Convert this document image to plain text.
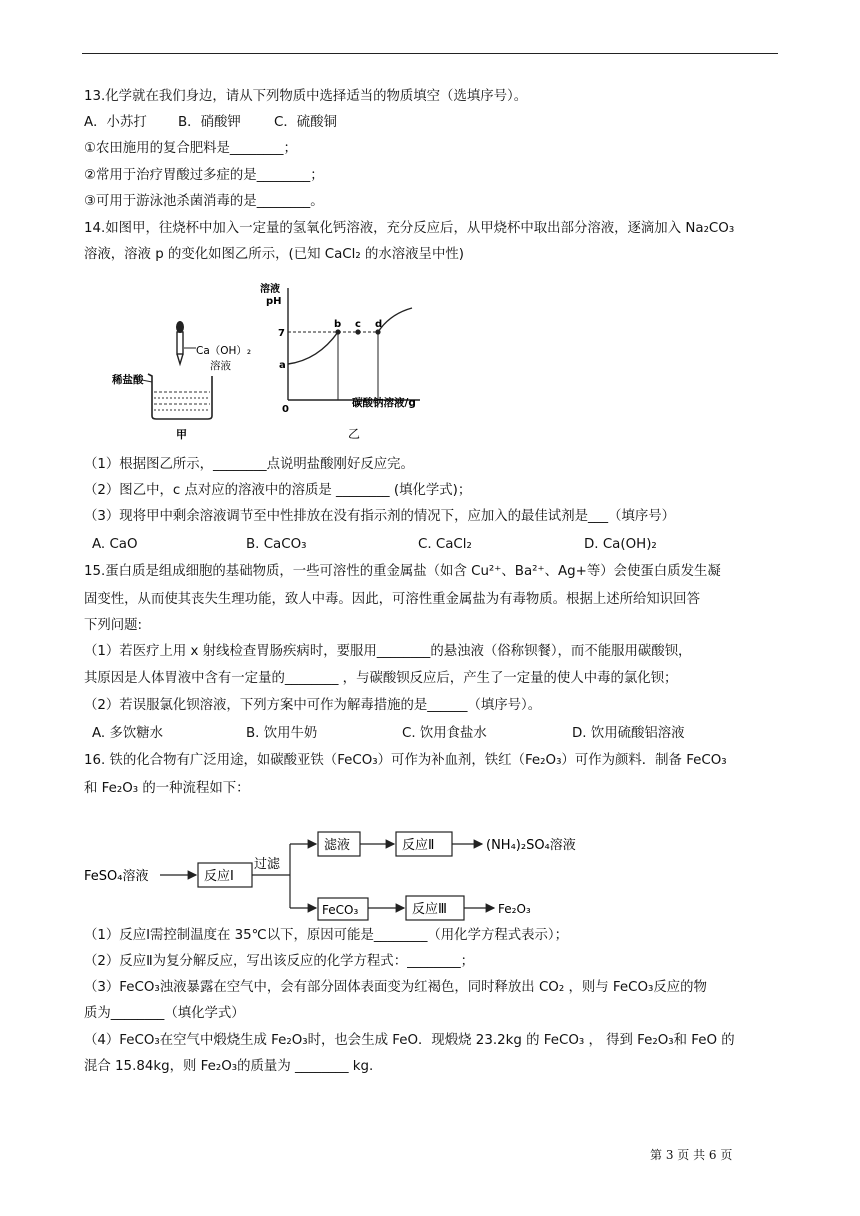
13.化学就在我们身边，请从下列物质中选择适当的物质填空（选填序号）。
A．小苏打 B．硝酸钾 C．硫酸铜
①农田施用的复合肥料是________；
②常用于治疗胃酸过多症的是________；
③可用于游泳池杀菌消毒的是________。
14.如图甲，往烧杯中加入一定量的氢氧化钙溶液，充分反应后，从甲烧杯中取出部分溶液，逐滴加入 Na₂CO₃
溶液，溶液 p 的变化如图乙所示，(已知 CaCl₂ 的水溶液呈中性)
Ca（OH）₂
溶液
稀盐酸
甲
溶液
pH
7
a
0
b c d
碳酸钠溶液/g
乙
（1）根据图乙所示，________点说明盐酸刚好反应完。
（2）图乙中，c 点对应的溶液中的溶质是 ________ (填化学式)；
（3）现将甲中剩余溶液调节至中性排放在没有指示剂的情况下，应加入的最佳试剂是___（填序号）
A. CaO	B. CaCO₃	C. CaCl₂	D. Ca(OH)₂
15.蛋白质是组成细胞的基础物质，一些可溶性的重金属盐（如含 Cu²⁺、Ba²⁺、Ag+等）会使蛋白质发生凝
固变性，从而使其丧失生理功能，致人中毒。因此，可溶性重金属盐为有毒物质。根据上述所给知识回答
下列问题:
（1）若医疗上用 x 射线检查胃肠疾病时，要服用________的悬浊液（俗称钡餐），而不能服用碳酸钡，
其原因是人体胃液中含有一定量的________ ，与碳酸钡反应后，产生了一定量的使人中毒的氯化钡；
（2）若误服氯化钡溶液，下列方案中可作为解毒措施的是______（填序号）。
A. 多饮糖水	B. 饮用牛奶	C. 饮用食盐水	D. 饮用硫酸铝溶液
16. 铁的化合物有广泛用途，如碳酸亚铁（FeCO₃）可作为补血剂，铁红（Fe₂O₃）可作为颜料．制备 FeCO₃
和 Fe₂O₃ 的一种流程如下：
FeSO₄溶液	反应Ⅰ
过滤
滤液	反应Ⅱ	(NH₄)₂SO₄溶液
FeCO₃	反应Ⅲ	Fe₂O₃
（1）反应Ⅰ需控制温度在 35℃以下，原因可能是________（用化学方程式表示）；
（2）反应Ⅱ为复分解反应，写出该反应的化学方程式：________；
（3）FeCO₃浊液暴露在空气中，会有部分固体表面变为红褐色，同时释放出 CO₂ ，则与 FeCO₃反应的物
质为________（填化学式）
（4）FeCO₃在空气中煅烧生成 Fe₂O₃时，也会生成 FeO．现煅烧 23.2kg 的 FeCO₃ ， 得到 Fe₂O₃和 FeO 的
混合 15.84kg，则 Fe₂O₃的质量为 ________ kg.
第 3 页 共 6 页
